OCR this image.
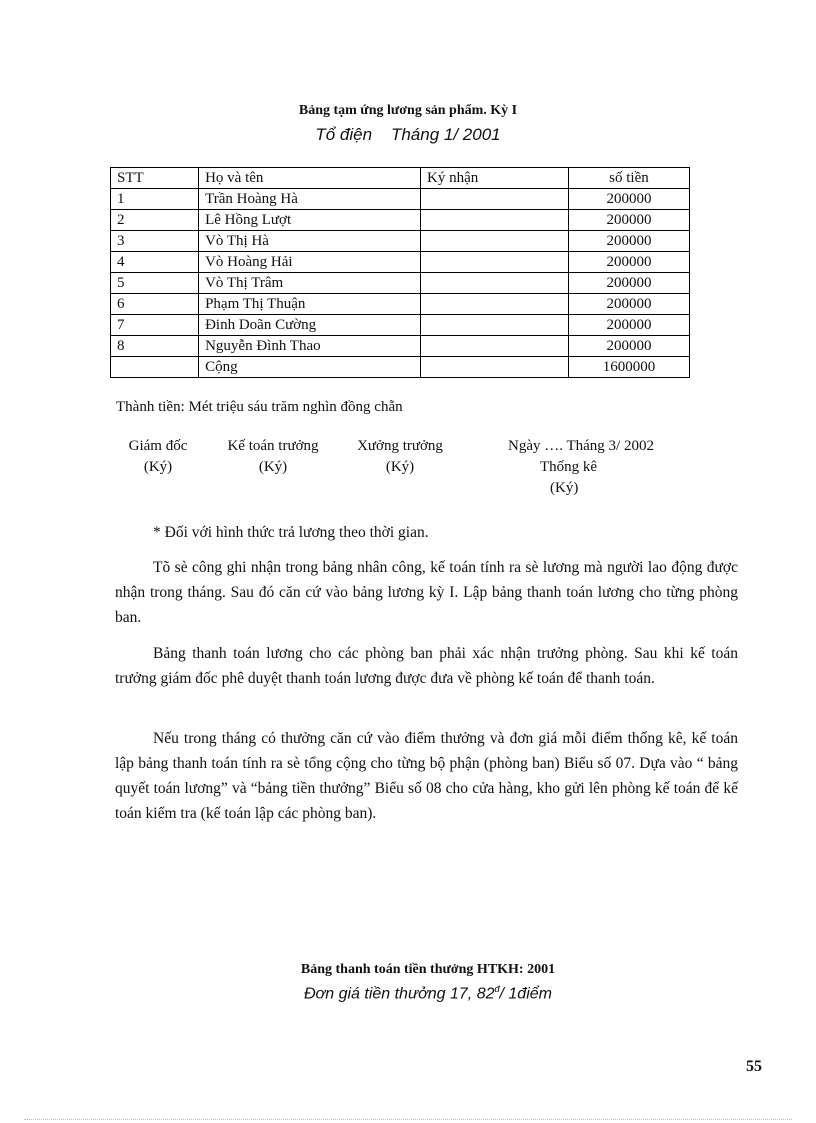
Bảng tạm ứng lương sản phẩm. Kỳ I
Tổ điện    Tháng 1/ 2001
STT	Họ và tên	Ký nhận	số tiền
1	Trần Hoàng Hà		200000
2	Lê Hồng Lượt		200000
3	Vò Thị Hà		200000
4	Vò Hoàng Hải		200000
5	Vò Thị Trâm		200000
6	Phạm Thị Thuận		200000
7	Đinh Doãn Cường		200000
8	Nguyễn Đình Thao		200000
	Cộng		1600000
Thành tiền: Mét triệu sáu trăm nghìn đồng chẵn
Giám đốc
(Ký)
Kế toán trưởng
(Ký)
Xưởng trưởng
(Ký)
Ngày …. Tháng 3/ 2002
Thống kê
(Ký)

* Đối với hình thức trả lương theo thời gian.

Tõ sè công ghi nhận trong bảng nhân công, kế toán tính ra sè lương mà người lao động được nhận trong tháng. Sau đó căn cứ vào bảng lương kỳ I. Lập bảng thanh toán lương cho từng phòng ban.

Bảng thanh toán lương cho các phòng ban phải xác nhận trưởng phòng. Sau khi kế toán trưởng giám đốc phê duyệt thanh toán lương được đưa về phòng kế toán để thanh toán.

Nếu trong tháng có thưởng căn cứ vào điểm thưởng và đơn giá mỗi điểm thống kê, kế toán lập bảng thanh toán tính ra sè tổng cộng cho từng bộ phận (phòng ban) Biểu số 07. Dựa vào “ bảng quyết toán lương” và “bảng tiền thưởng” Biểu số 08 cho cửa hàng, kho gửi lên phòng kế toán để kế toán kiểm tra (kế toán lập các phòng ban).

Bảng thanh toán tiền thưởng HTKH: 2001
Đơn giá tiền thưởng 17, $82^đ/$ 1điểm
55
